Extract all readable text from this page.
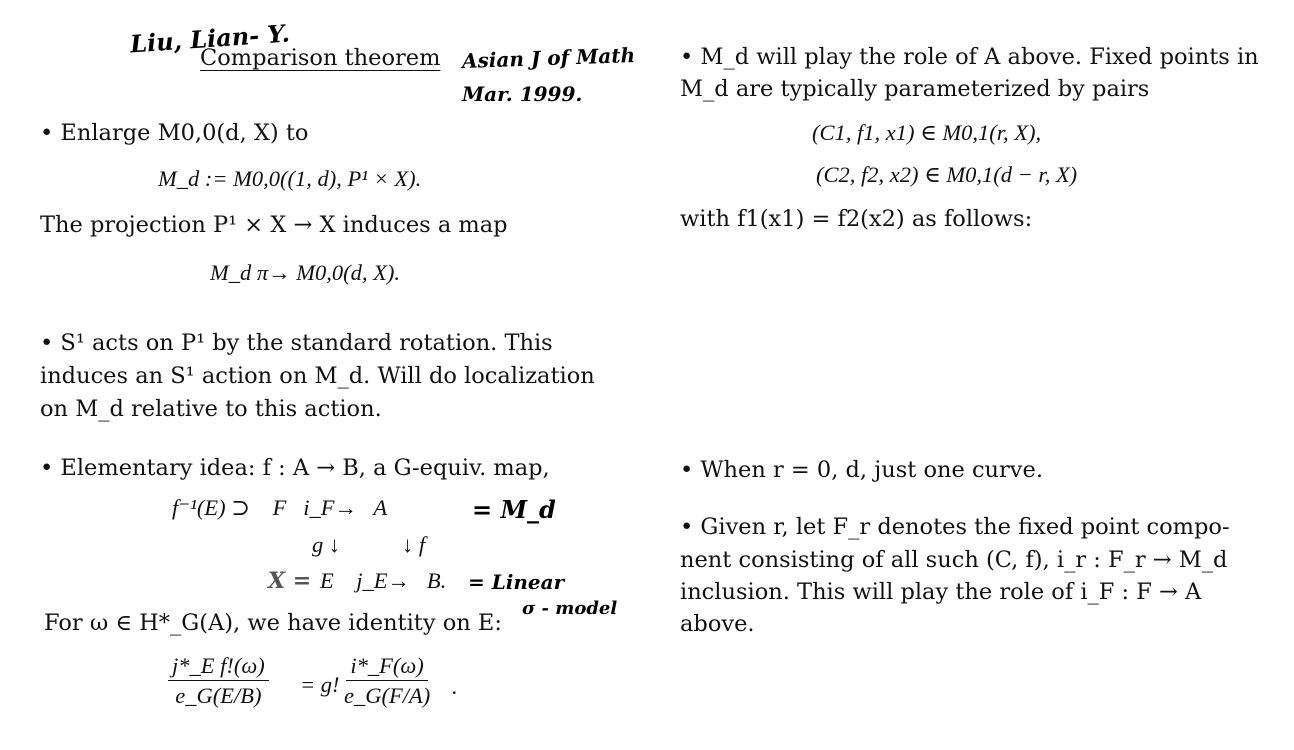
Liu, Lian- Y.	Asian J of Math
Mar. 1999.
Comparison theorem
• Enlarge M0,0(d, X) to
M_d := M0,0((1, d), P¹ × X).
The projection P¹ × X → X induces a map
M_d π→ M0,0(d, X).
• S¹ acts on P¹ by the standard rotation. This
induces an S¹ action on M_d. Will do localization
on M_d relative to this action.
• Elementary idea: f : A → B, a G-equiv. map,
f⁻¹(E) ⊃    F   i_F→   A	= M_d
g ↓           ↓ f
X = E    j_E→   B. = Linear
σ - model
For ω ∈ H*_G(A), we have identity on E:
$\frac{\text{j*\_E f!(ω)}}{e\_G(E/B)} = g$! $\frac{i*\_F(\omega)}{e\_G(F/A)}$ .
• M_d will play the role of A above. Fixed points in
M_d are typically parameterized by pairs
(C1, f1, x1) ∈ M0,1(r, X),
(C2, f2, x2) ∈ M0,1(d − r, X)
with f1(x1) = f2(x2) as follows:
• When r = 0, d, just one curve.
• Given r, let F_r denotes the fixed point compo-
nent consisting of all such (C, f), i_r : F_r → M_d
inclusion. This will play the role of i_F : F → A
above.
